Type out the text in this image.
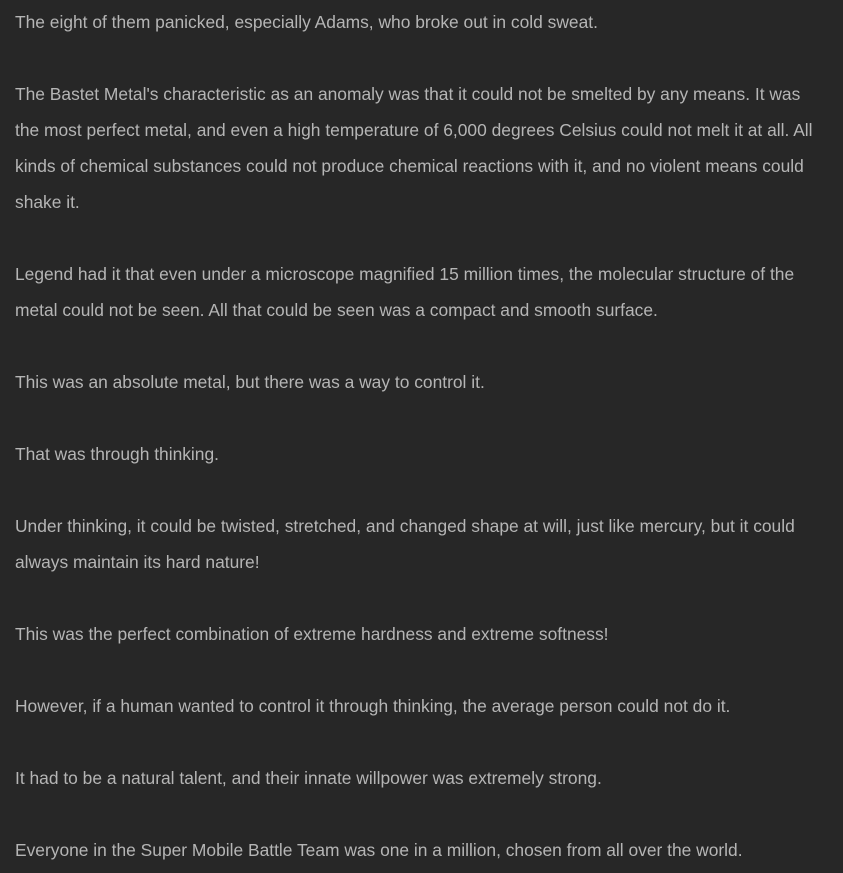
The eight of them panicked, especially Adams, who broke out in cold sweat.

The Bastet Metal's characteristic as an anomaly was that it could not be smelted by any means. It was the most perfect metal, and even a high temperature of 6,000 degrees Celsius could not melt it at all. All kinds of chemical substances could not produce chemical reactions with it, and no violent means could shake it.

Legend had it that even under a microscope magnified 15 million times, the molecular structure of the metal could not be seen. All that could be seen was a compact and smooth surface.

This was an absolute metal, but there was a way to control it.

That was through thinking.

Under thinking, it could be twisted, stretched, and changed shape at will, just like mercury, but it could always maintain its hard nature!

This was the perfect combination of extreme hardness and extreme softness!

However, if a human wanted to control it through thinking, the average person could not do it.

It had to be a natural talent, and their innate willpower was extremely strong.

Everyone in the Super Mobile Battle Team was one in a million, chosen from all over the world.
